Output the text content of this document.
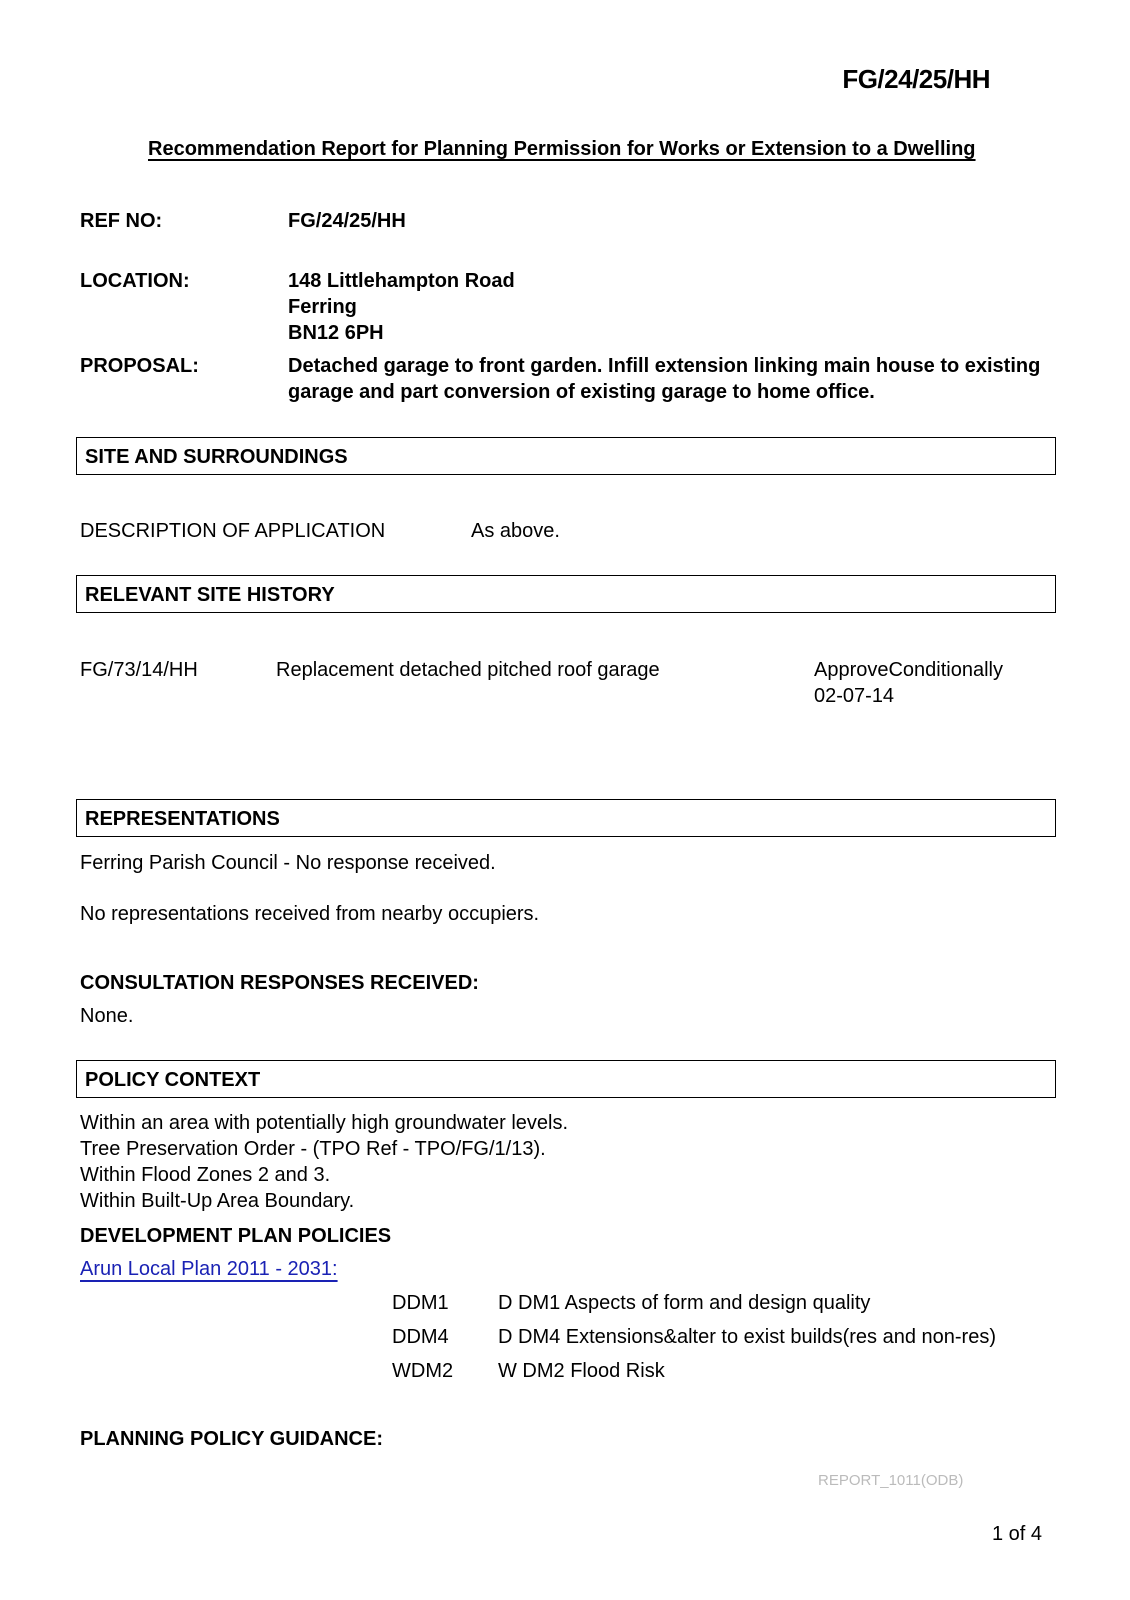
FG/24/25/HH
Recommendation Report for Planning Permission for Works or Extension to a Dwelling
REF NO:	FG/24/25/HH
LOCATION:	148 Littlehampton Road
Ferring
BN12 6PH
PROPOSAL:	Detached garage to front garden. Infill extension linking main house to existing
garage and part conversion of existing garage to home office.
SITE AND SURROUNDINGS
DESCRIPTION OF APPLICATION	As above.
RELEVANT SITE HISTORY
FG/73/14/HH	Replacement detached pitched roof garage	ApproveConditionally
02-07-14
REPRESENTATIONS
Ferring Parish Council - No response received.
No representations received from nearby occupiers.
CONSULTATION RESPONSES RECEIVED:
None.
POLICY CONTEXT
Within an area with potentially high groundwater levels.
Tree Preservation Order - (TPO Ref - TPO/FG/1/13).
Within Flood Zones 2 and 3.
Within Built-Up Area Boundary.
DEVELOPMENT PLAN POLICIES
Arun Local Plan 2011 - 2031:
DDM1 D DM1 Aspects of form and design quality
DDM4 D DM4 Extensions&alter to exist builds(res and non-res)
WDM2 W DM2 Flood Risk
PLANNING POLICY GUIDANCE:
REPORT_1011(ODB)
1 of 4
